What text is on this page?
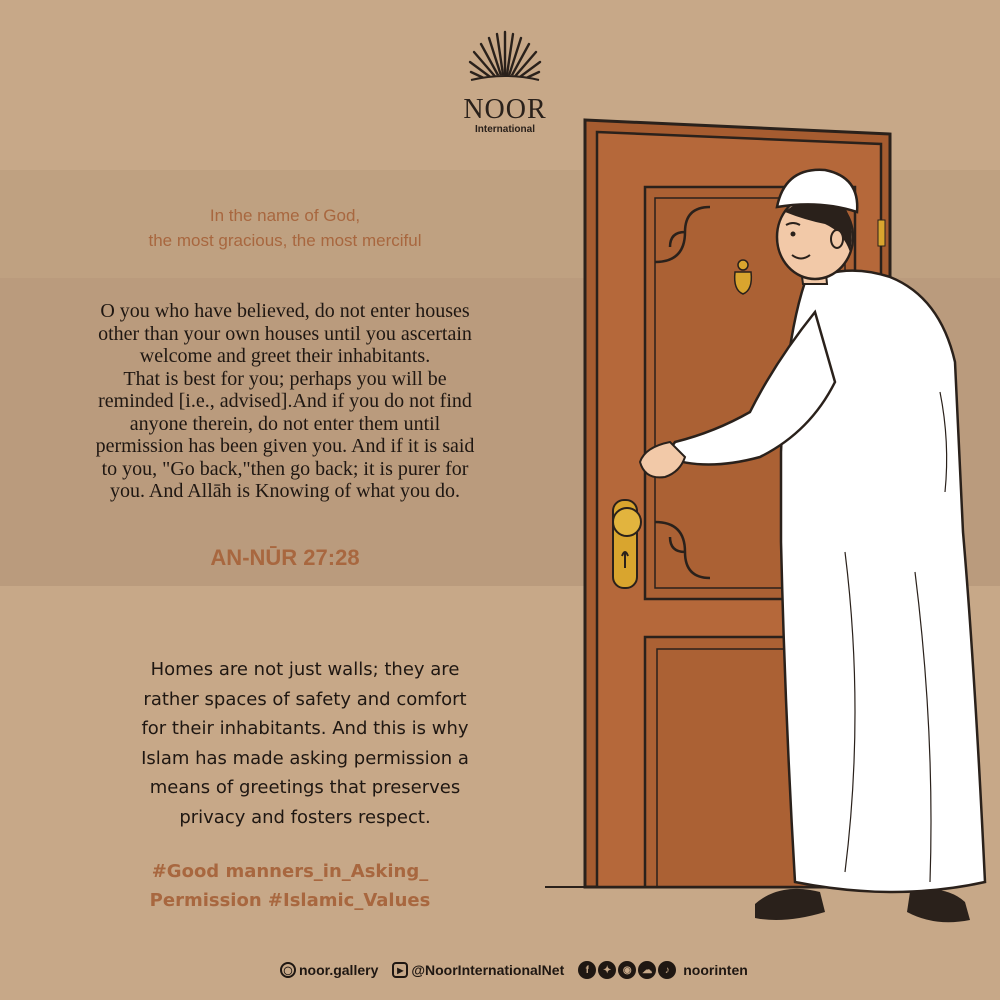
NOOR
International
In the name of God,
the most gracious, the most merciful
O you who have believed, do not enter houses
other than your own houses until you ascertain
welcome and greet their inhabitants.
That is best for you; perhaps you will be
reminded [i.e., advised].And if you do not find
anyone therein, do not enter them until
permission has been given you. And if it is said
to you, "Go back,"then go back; it is purer for
you. And Allāh is Knowing of what you do.
AN-NŪR 27:28
Homes are not just walls; they are
rather spaces of safety and comfort
for their inhabitants. And this is why
Islam has made asking permission a
means of greetings that preserves
privacy and fosters respect.
#Good manners_in_Asking_
Permission #Islamic_Values
◯ noor.gallery	▶ @NoorInternationalNet	f	✦	◉	☁	♪ noorinten
